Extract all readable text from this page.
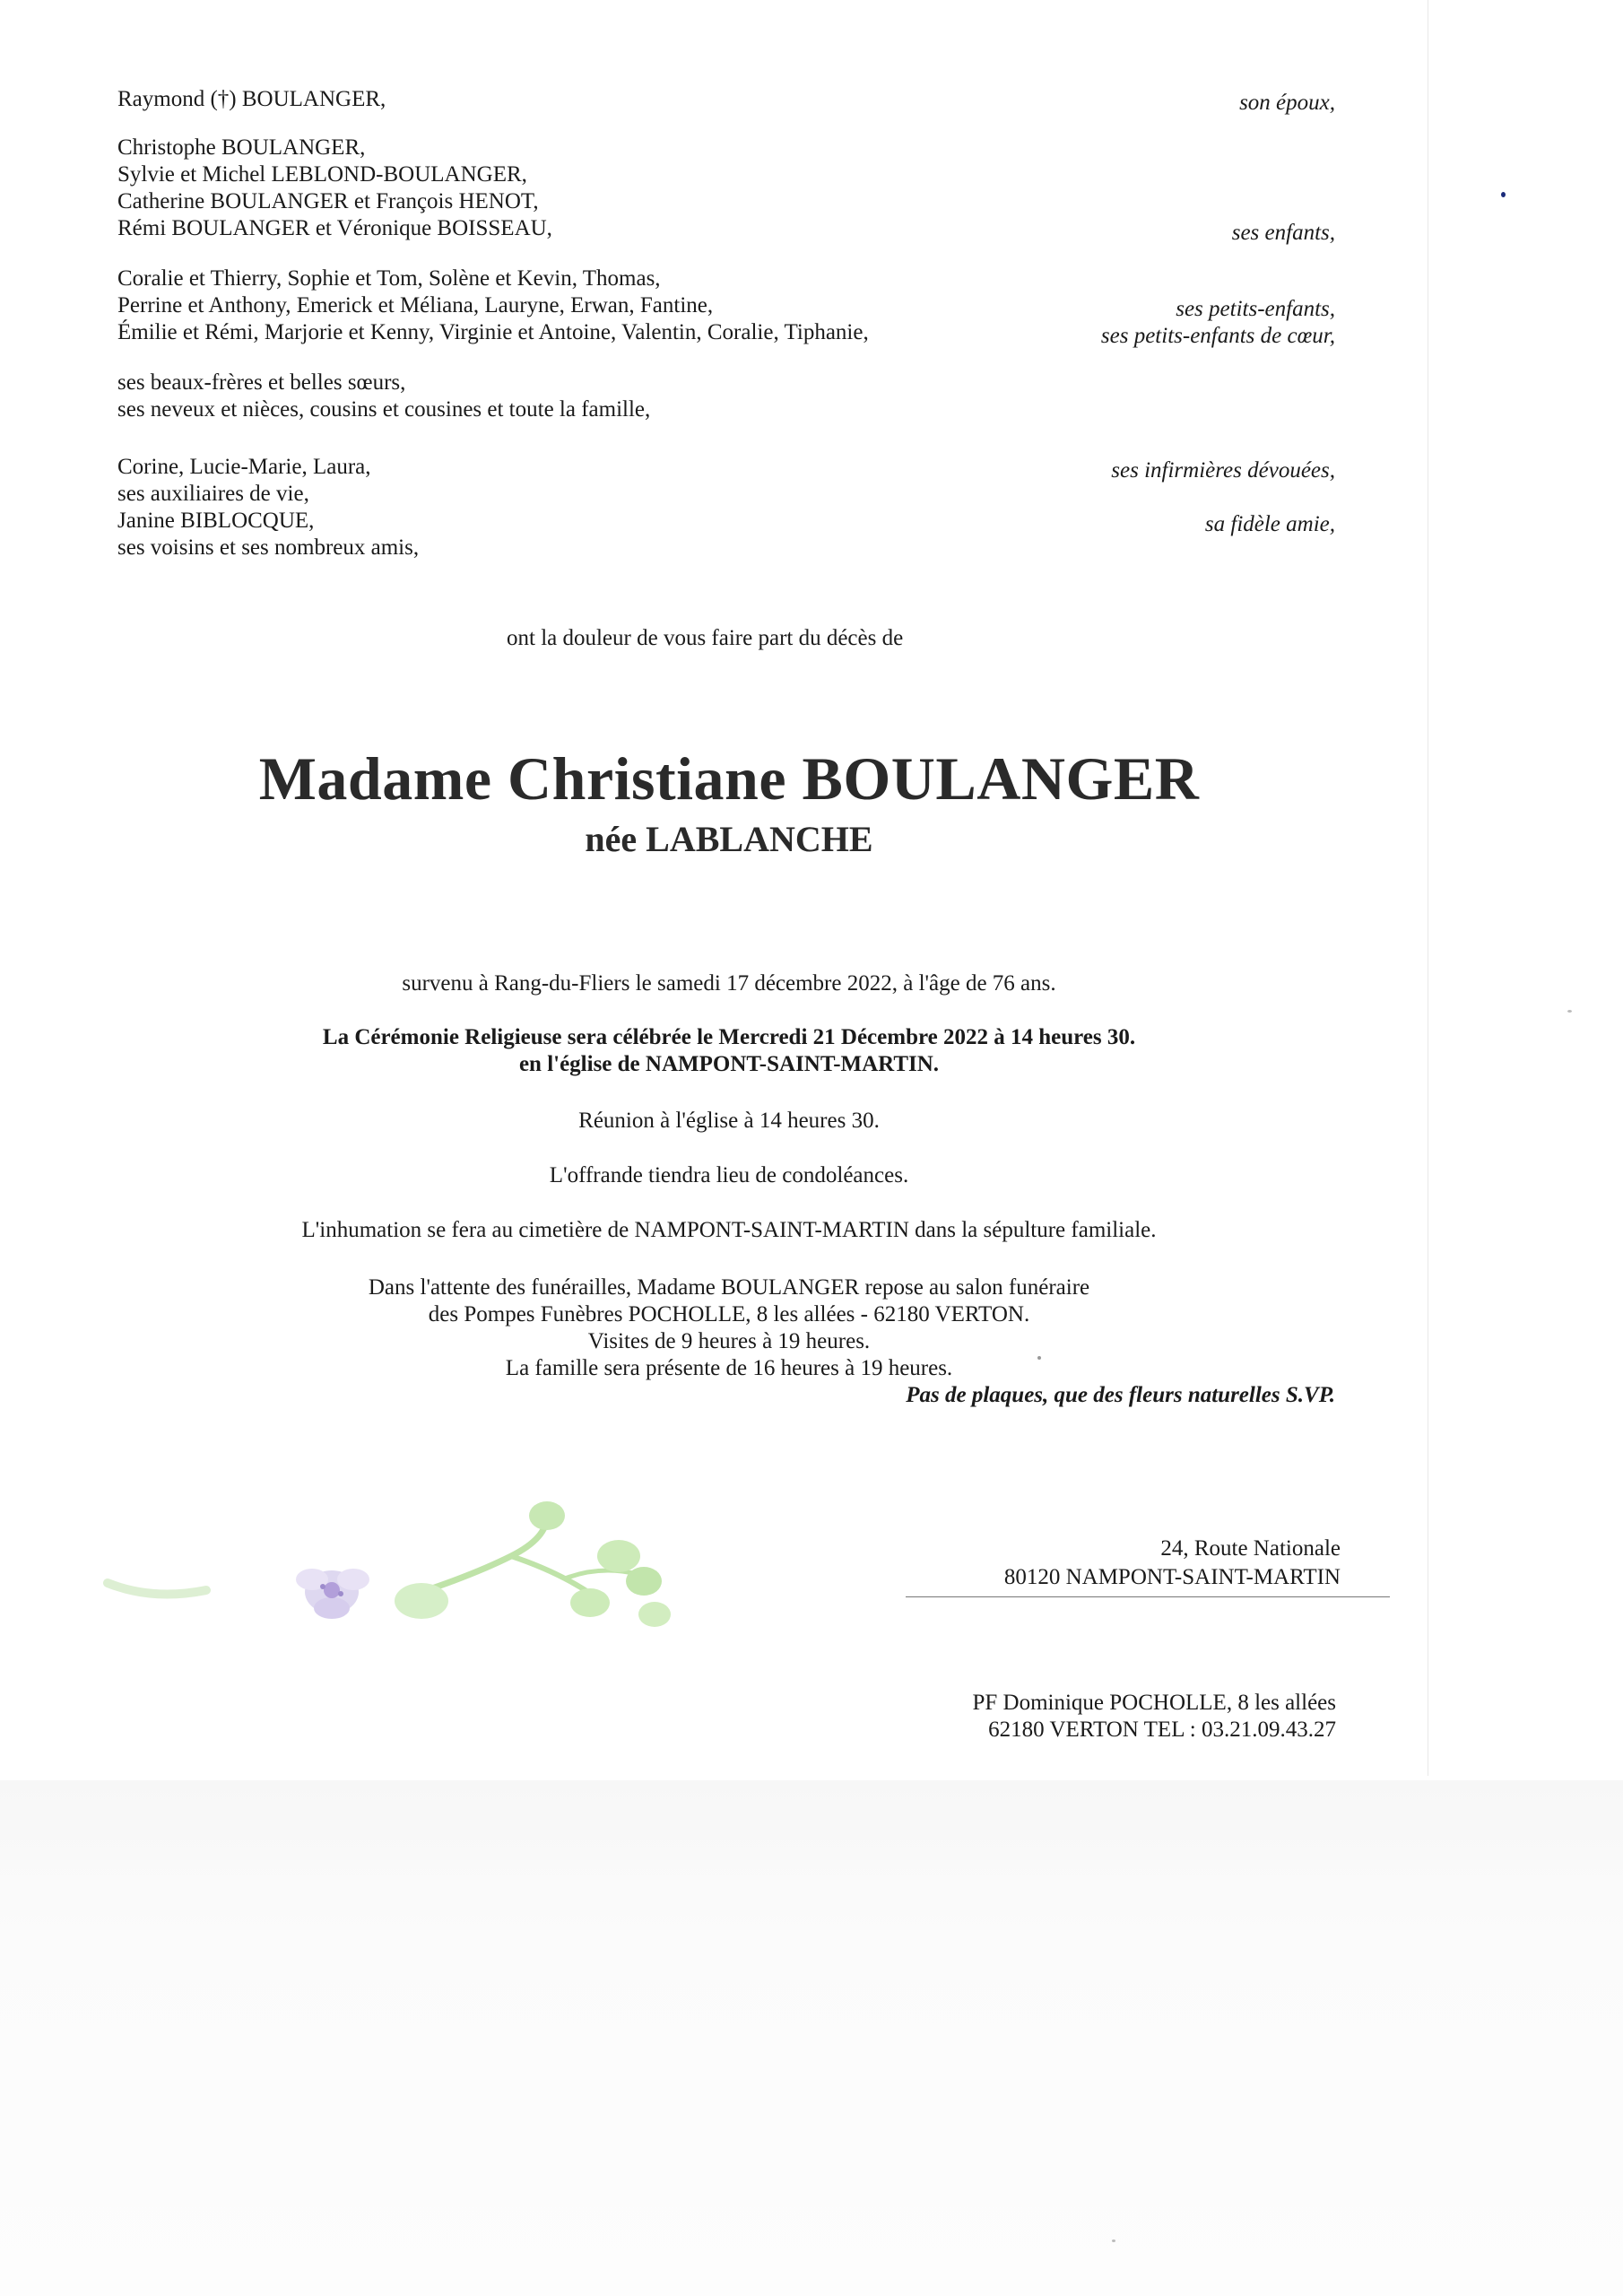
Raymond (†) BOULANGER,	son époux,
Christophe BOULANGER,
Sylvie et Michel LEBLOND-BOULANGER,
Catherine BOULANGER et François HENOT,
Rémi BOULANGER et Véronique BOISSEAU,	ses enfants,
Coralie et Thierry, Sophie et Tom, Solène et Kevin, Thomas,
Perrine et Anthony, Emerick et Méliana, Lauryne, Erwan, Fantine,
Émilie et Rémi, Marjorie et Kenny, Virginie et Antoine, Valentin, Coralie, Tiphanie,
ses petits-enfants,
ses petits-enfants de cœur,
ses beaux-frères et belles sœurs,
ses neveux et nièces, cousins et cousines et toute la famille,
Corine, Lucie-Marie, Laura,
ses auxiliaires de vie,
Janine BIBLOCQUE,
ses voisins et ses nombreux amis,
ses infirmières dévouées,
sa fidèle amie,
ont la douleur de vous faire part du décès de
Madame Christiane BOULANGER
née LABLANCHE
survenu à Rang-du-Fliers le samedi 17 décembre 2022, à l'âge de 76 ans.
La Cérémonie Religieuse sera célébrée le Mercredi 21 Décembre 2022 à 14 heures 30.
en l'église de NAMPONT-SAINT-MARTIN.
Réunion à l'église à 14 heures 30.
L'offrande tiendra lieu de condoléances.
L'inhumation se fera au cimetière de NAMPONT-SAINT-MARTIN dans la sépulture familiale.
Dans l'attente des funérailles, Madame BOULANGER repose au salon funéraire
des Pompes Funèbres POCHOLLE, 8 les allées - 62180 VERTON.
Visites de 9 heures à 19 heures.
La famille sera présente de 16 heures à 19 heures.
Pas de plaques, que des fleurs naturelles S.VP.
24, Route Nationale
80120 NAMPONT-SAINT-MARTIN
PF Dominique POCHOLLE, 8 les allées
62180 VERTON TEL : 03.21.09.43.27
